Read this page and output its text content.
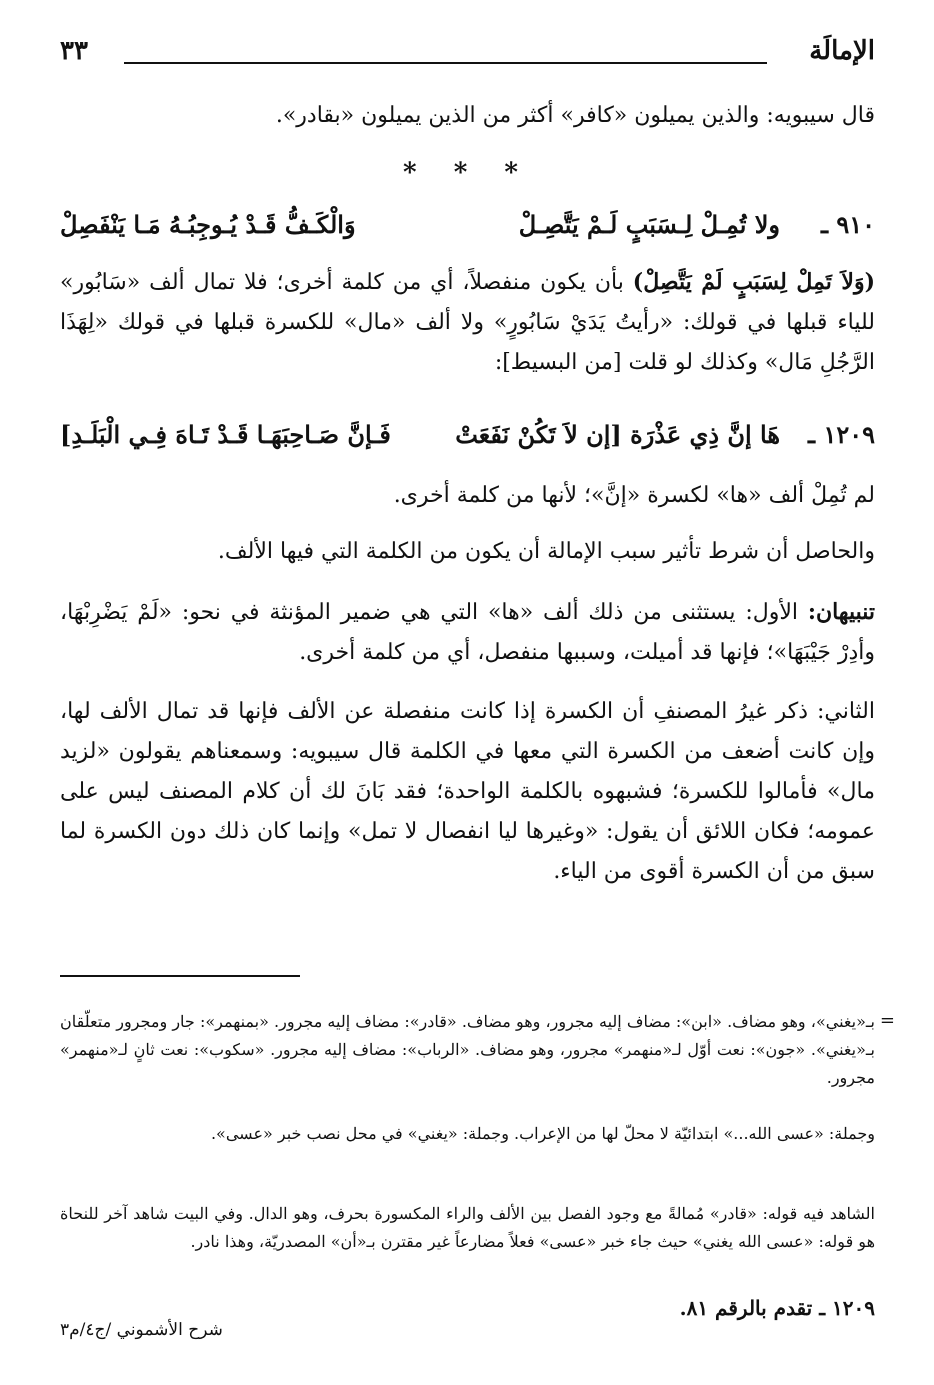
الإمالَة
٣٣

قال سيبويه: والذين يميلون «كافر» أكثر من الذين يميلون «بقادر».

* * *
٩١٠ ـ
ولا تُمِـلْ لِـسَبَبٍ لَـمْ يَتَّصِـلْ
وَالْكَـفُّ قَـدْ يُـوجِبُـهُ مَـا يَنْفَصِلْ

(وَلاَ تَمِلْ لِسَبَبٍ لَمْ يَتَّصِلْ) بأن يكون منفصلاً، أي من كلمة أخرى؛ فلا تمال ألف «سَابُور» للياء قبلها في قولك: «رأيتُ يَدَيْ سَابُورٍ» ولا ألف «مال» للكسرة قبلها في قولك «لِهَذَا الرَّجُلِ مَال» وكذلك لو قلت [من البسيط]:

١٢٠٩ ـ
هَا إنَّ ذِي عَذْرَة [إن لاَ تَكُنْ نَفَعَتْ
فَـإنَّ صَـاحِبَهَـا قَـدْ تَـاهَ فِـي الْبَلَـدِ]

لم تُمِلْ ألف «ها» لكسرة «إنَّ»؛ لأنها من كلمة أخرى.

والحاصل أن شرط تأثير سبب الإمالة أن يكون من الكلمة التي فيها الألف.

تنبيهان: الأول: يستثنى من ذلك ألف «ها» التي هي ضمير المؤنثة في نحو: «لَمْ يَضْرِبْهَا، وأدِرْ جَيْبَهَا»؛ فإنها قد أميلت، وسببها منفصل، أي من كلمة أخرى.

الثاني: ذكر غيرُ المصنفِ أن الكسرة إذا كانت منفصلة عن الألف فإنها قد تمال الألف لها، وإن كانت أضعف من الكسرة التي معها في الكلمة قال سيبويه: وسمعناهم يقولون «لزيد مال» فأمالوا للكسرة؛ فشبهوه بالكلمة الواحدة؛ فقد بَانَ لك أن كلام المصنف ليس على عمومه؛ فكان اللائق أن يقول: «وغيرها ليا انفصال لا تمل» وإنما كان ذلك دون الكسرة لما سبق من أن الكسرة أقوى من الياء.

=

بـ«يغني»، وهو مضاف. «ابن»: مضاف إليه مجرور، وهو مضاف. «قادر»: مضاف إليه مجرور. «بمنهمر»: جار ومجرور متعلّقان بـ«يغني». «جون»: نعت أوّل لـ«منهمر» مجرور، وهو مضاف. «الرباب»: مضاف إليه مجرور. «سكوب»: نعت ثانٍ لـ«منهمر» مجرور.

وجملة: «عسى الله...» ابتدائيّة لا محلّ لها من الإعراب. وجملة: «يغني» في محل نصب خبر «عسى».

الشاهد فيه قوله: «قادر» مُمالةً مع وجود الفصل بين الألف والراء المكسورة بحرف، وهو الدال. وفي البيت شاهد آخر للنحاة هو قوله: «عسى الله يغني» حيث جاء خبر «عسى» فعلاً مضارعاً غير مقترن بـ«أن» المصدريّة، وهذا نادر.

١٢٠٩ ـ تقدم بالرقم ٨١.
شرح الأشموني /ج٤/م٣
